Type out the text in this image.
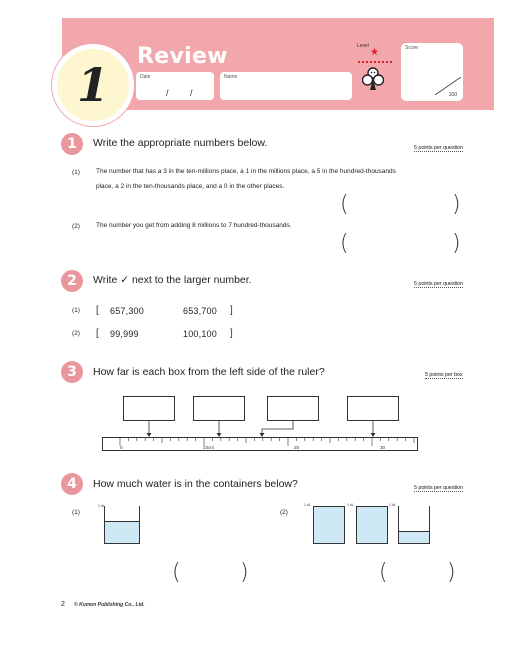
1
Review
Date
/ /
Name
Level
★	Score
100
1	Write the appropriate numbers below.	5 points per question
(1) The number that has a 3 in the ten-millions place, a 1 in the millions place, a 5 in the hundred-thousands
place, a 2 in the ten-thousands place, and a 0 in the other places.
(	)
(2) The number you get from adding 8 millions to 7 hundred-thousands.
(	)
2	Write ✓ next to the larger number.	5 points per question
(1) [ 657,300	653,700 ]
(2) [ 99,999	100,100 ]
3	How far is each box from the left side of the ruler?	5 points per box
0	10cm	20	30
4	How much water is in the containers below?	5 points per question
(1)
1 dL
(2)
1 dL	1 dL	1 dL
(	)	(	)
2 © Kumon Publishing Co., Ltd.
